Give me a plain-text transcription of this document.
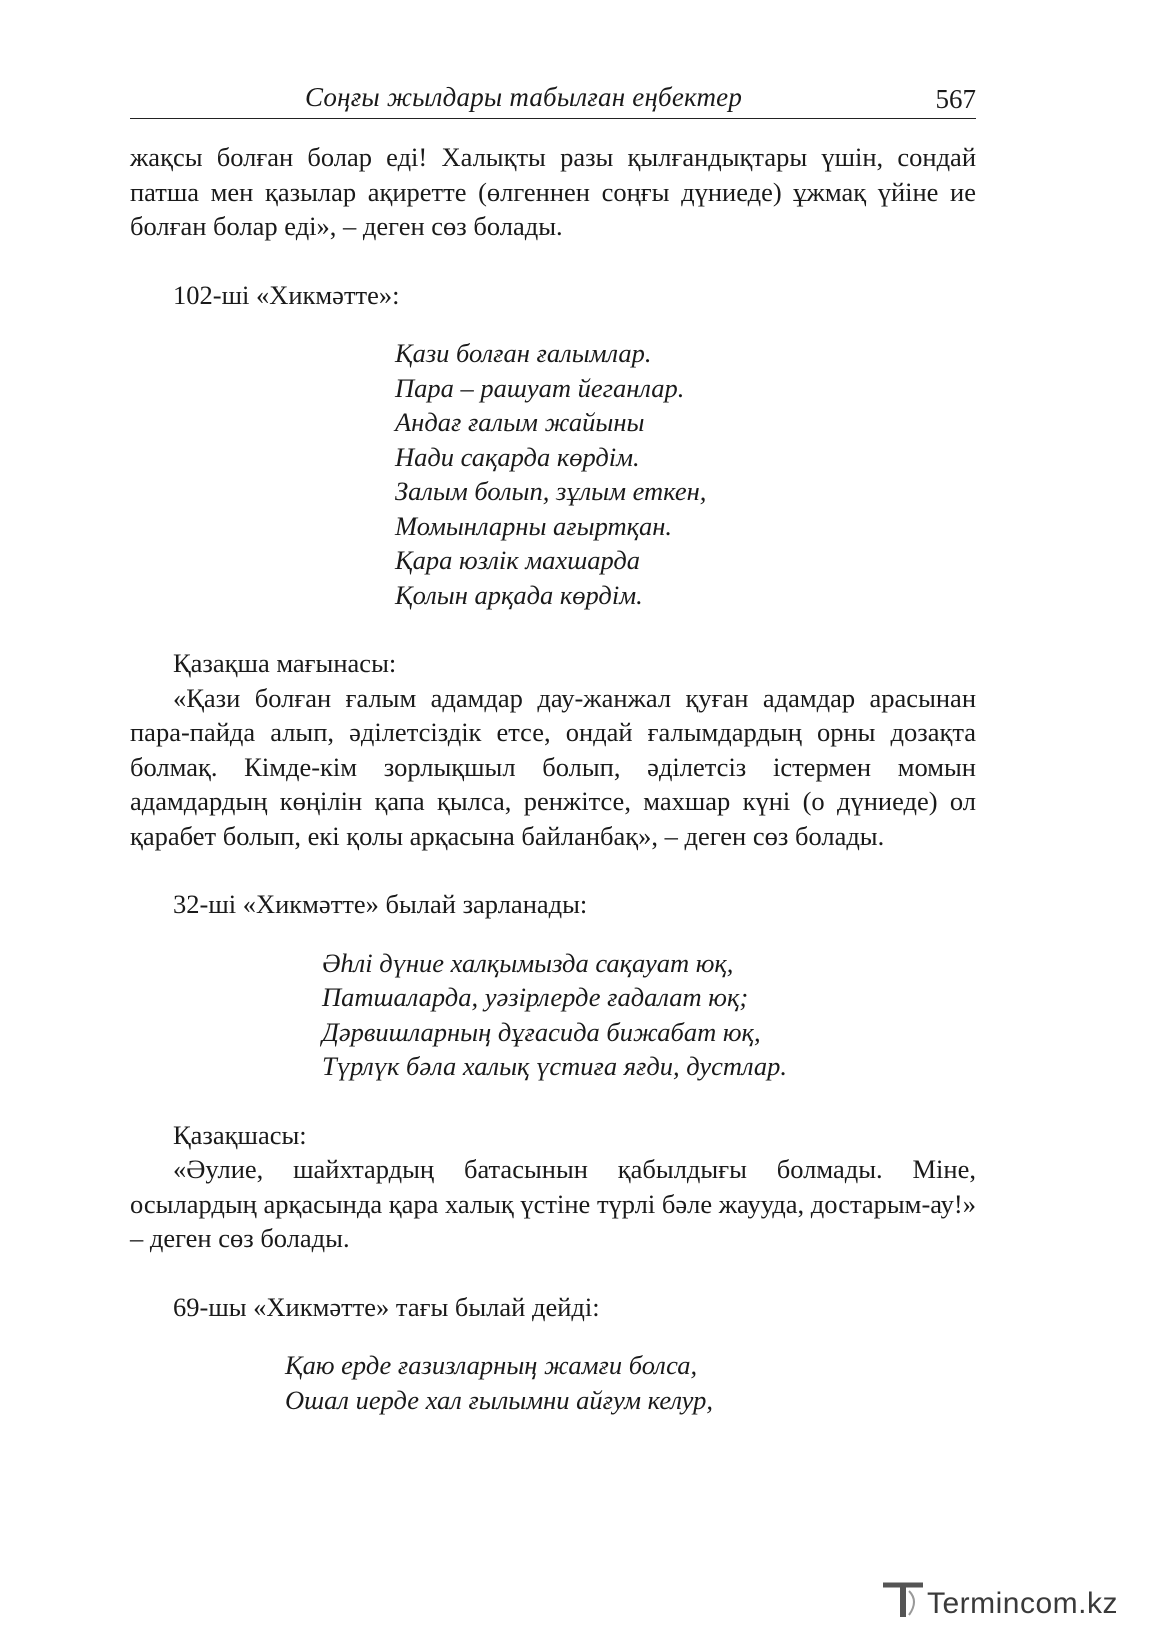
Соңғы жылдары табылған еңбектер	567

жақсы болған болар еді! Халықты разы қылғандықтары үшін, сондай патша мен қазылар ақиретте (өлгеннен соңғы дүниеде) ұжмақ үйіне ие болған болар еді», – деген сөз болады.

102-ші «Хикмәтте»:

Қази болған ғалымлар.
Пара – рашуат йеганлар.
Андағ ғалым жайыны
Нади сақарда көрдім.
Залым болып, зұлым еткен,
Момынларны ағыртқан.
Қара юзлік махшарда
Қолын арқада көрдім.

Қазақша мағынасы:

«Қази болған ғалым адамдар дау-жанжал қуған адамдар арасынан пара-пайда алып, әділетсіздік етсе, ондай ғалымдардың орны дозақта болмақ. Кімде-кім зорлықшыл болып, әділетсіз істермен момын адамдардың көңілін қапа қылса, ренжітсе, махшар күні (о дүниеде) ол қарабет болып, екі қолы арқасына байланбақ», – деген сөз болады.

32-ші «Хикмәтте» былай зарланады:

Әһлі дүние халқымызда сақауат юқ,
Патшаларда, уәзірлерде ғадалат юқ;
Дәрвишларның дұғасида бижабат юқ,
Түрлүк бәла халық үстиға яғди, дустлар.

Қазақшасы:

«Әулие, шайхтардың батасынын қабылдығы болмады. Міне, осылардың арқасында қара халық үстіне түрлі бәле жаууда, достарым-ау!» – деген сөз болады.

69-шы «Хикмәтте» тағы былай дейді:

Қаю ерде ғазизларның жамғи болса,
Ошал иерде хал ғылымни айғум келур,
Termincom.kz
